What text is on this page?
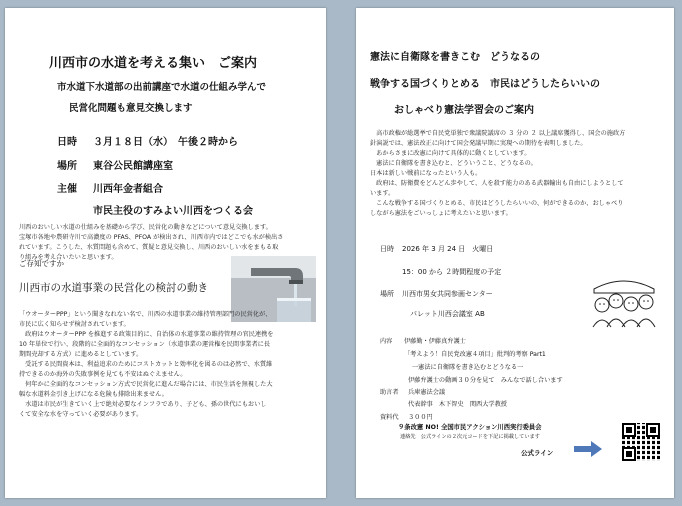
川西市の水道を考える集い　ご案内
市水道下水道部の出前講座で水道の仕組み学んで
民営化問題も意見交換します
日時 ３月１８日（水）　午後２時から
場所 東谷公民館講座室
主催 川西年金者組合
市民主役のすみよい川西をつくる会

川西のおいしい水道の仕組みを基礎から学び、民営化の動きなどについて意見交換します。

宝塚市各地や農研寺川で高濃度の PFAS、PFOA が検出され、川西市内ではどこでも水が検出さ

れています。こうした、水質問題も含めて、質疑と意見交換し、川西のおいしい水をまもる取

り組みを考え合いたいと思います。

ご存知ですか
川西市の水道事業の民営化の検討の動き

「ウオーターPPP」という聞きなれない名で、川西の水道事業の維持管理部門の民営化が、

市民に広く知らせず検討されています。

　政府はウオーターPPP を推進する政策目的に、自治体の水道事業の維持管理の官民連携を

10 年単位で行い、段階的に全面的なコンセッション（水道事業の運営権を民間事業者に長

期間売却する方式）に進めるとしています。

　受託する民間資本は、利益追求のためにコストカットと効率化を図るのは必然で、水質維

持できるのか海外の失敗事例を見ても不安はぬぐえません。

　何年かに全面的なコンセッション方式で民営化に進んだ場合には、市民生活を無視した大

幅な水道料金引き上げになる危険も排除出来ません。

　水道は市民が生きていく上で絶対必要なインフラであり、子ども、孫の世代にもおいし

くて安全な水を守っていく必要があります。

憲法に自衛隊を書きこむ　どうなるの
戦争する国づくりとめる　市民はどうしたらいいの
おしゃべり憲法学習会のご案内

　高市政権が総選挙で自民党単独で衆議院議席の ３ 分の ２ 以上議席獲得し、国会の施政方

針演説では、憲法改正に向けて国会発議早期に実現への期待を表明しました。

　あからさまに改憲に向けて具体的に動くとしています。

　憲法に自衛隊を書き込むと、どういうこと、どうなるの。

日本は新しい戦前になったという人も。

　政府は、防衛費をどんどん歩やして、人を殺す能力のある武器輸出も自由にしようとして

います。

　こんな戦争する国づくりとめる、市民はどうしたらいいの、何ができるのか、おしゃべり

しながら憲法をごいっしょに考えたいと思います。

日時 2026 年 3 月 24 日　火曜日
15：00 から ２時間程度の予定
場所 川西市男女共同参画センター
パレット川西会議室 AB
内容 伊藤勤・伊藤真弁護士
「考えよう！自民党改憲４項目」批判的考察 Part1
一憲法に自衛隊を書き込むとどうなる一
伊藤弁護士の動画３０分を見て　みんなで話し合います
助言者 兵庫憲法会議
代表幹事　木下智史　関西大学教授
資料代 ３００円
９条改憲 NO! 全国市民アクション川西実行委員会
連絡先　公式ラインの２次元コードを下記に掲載しています
公式ライン
